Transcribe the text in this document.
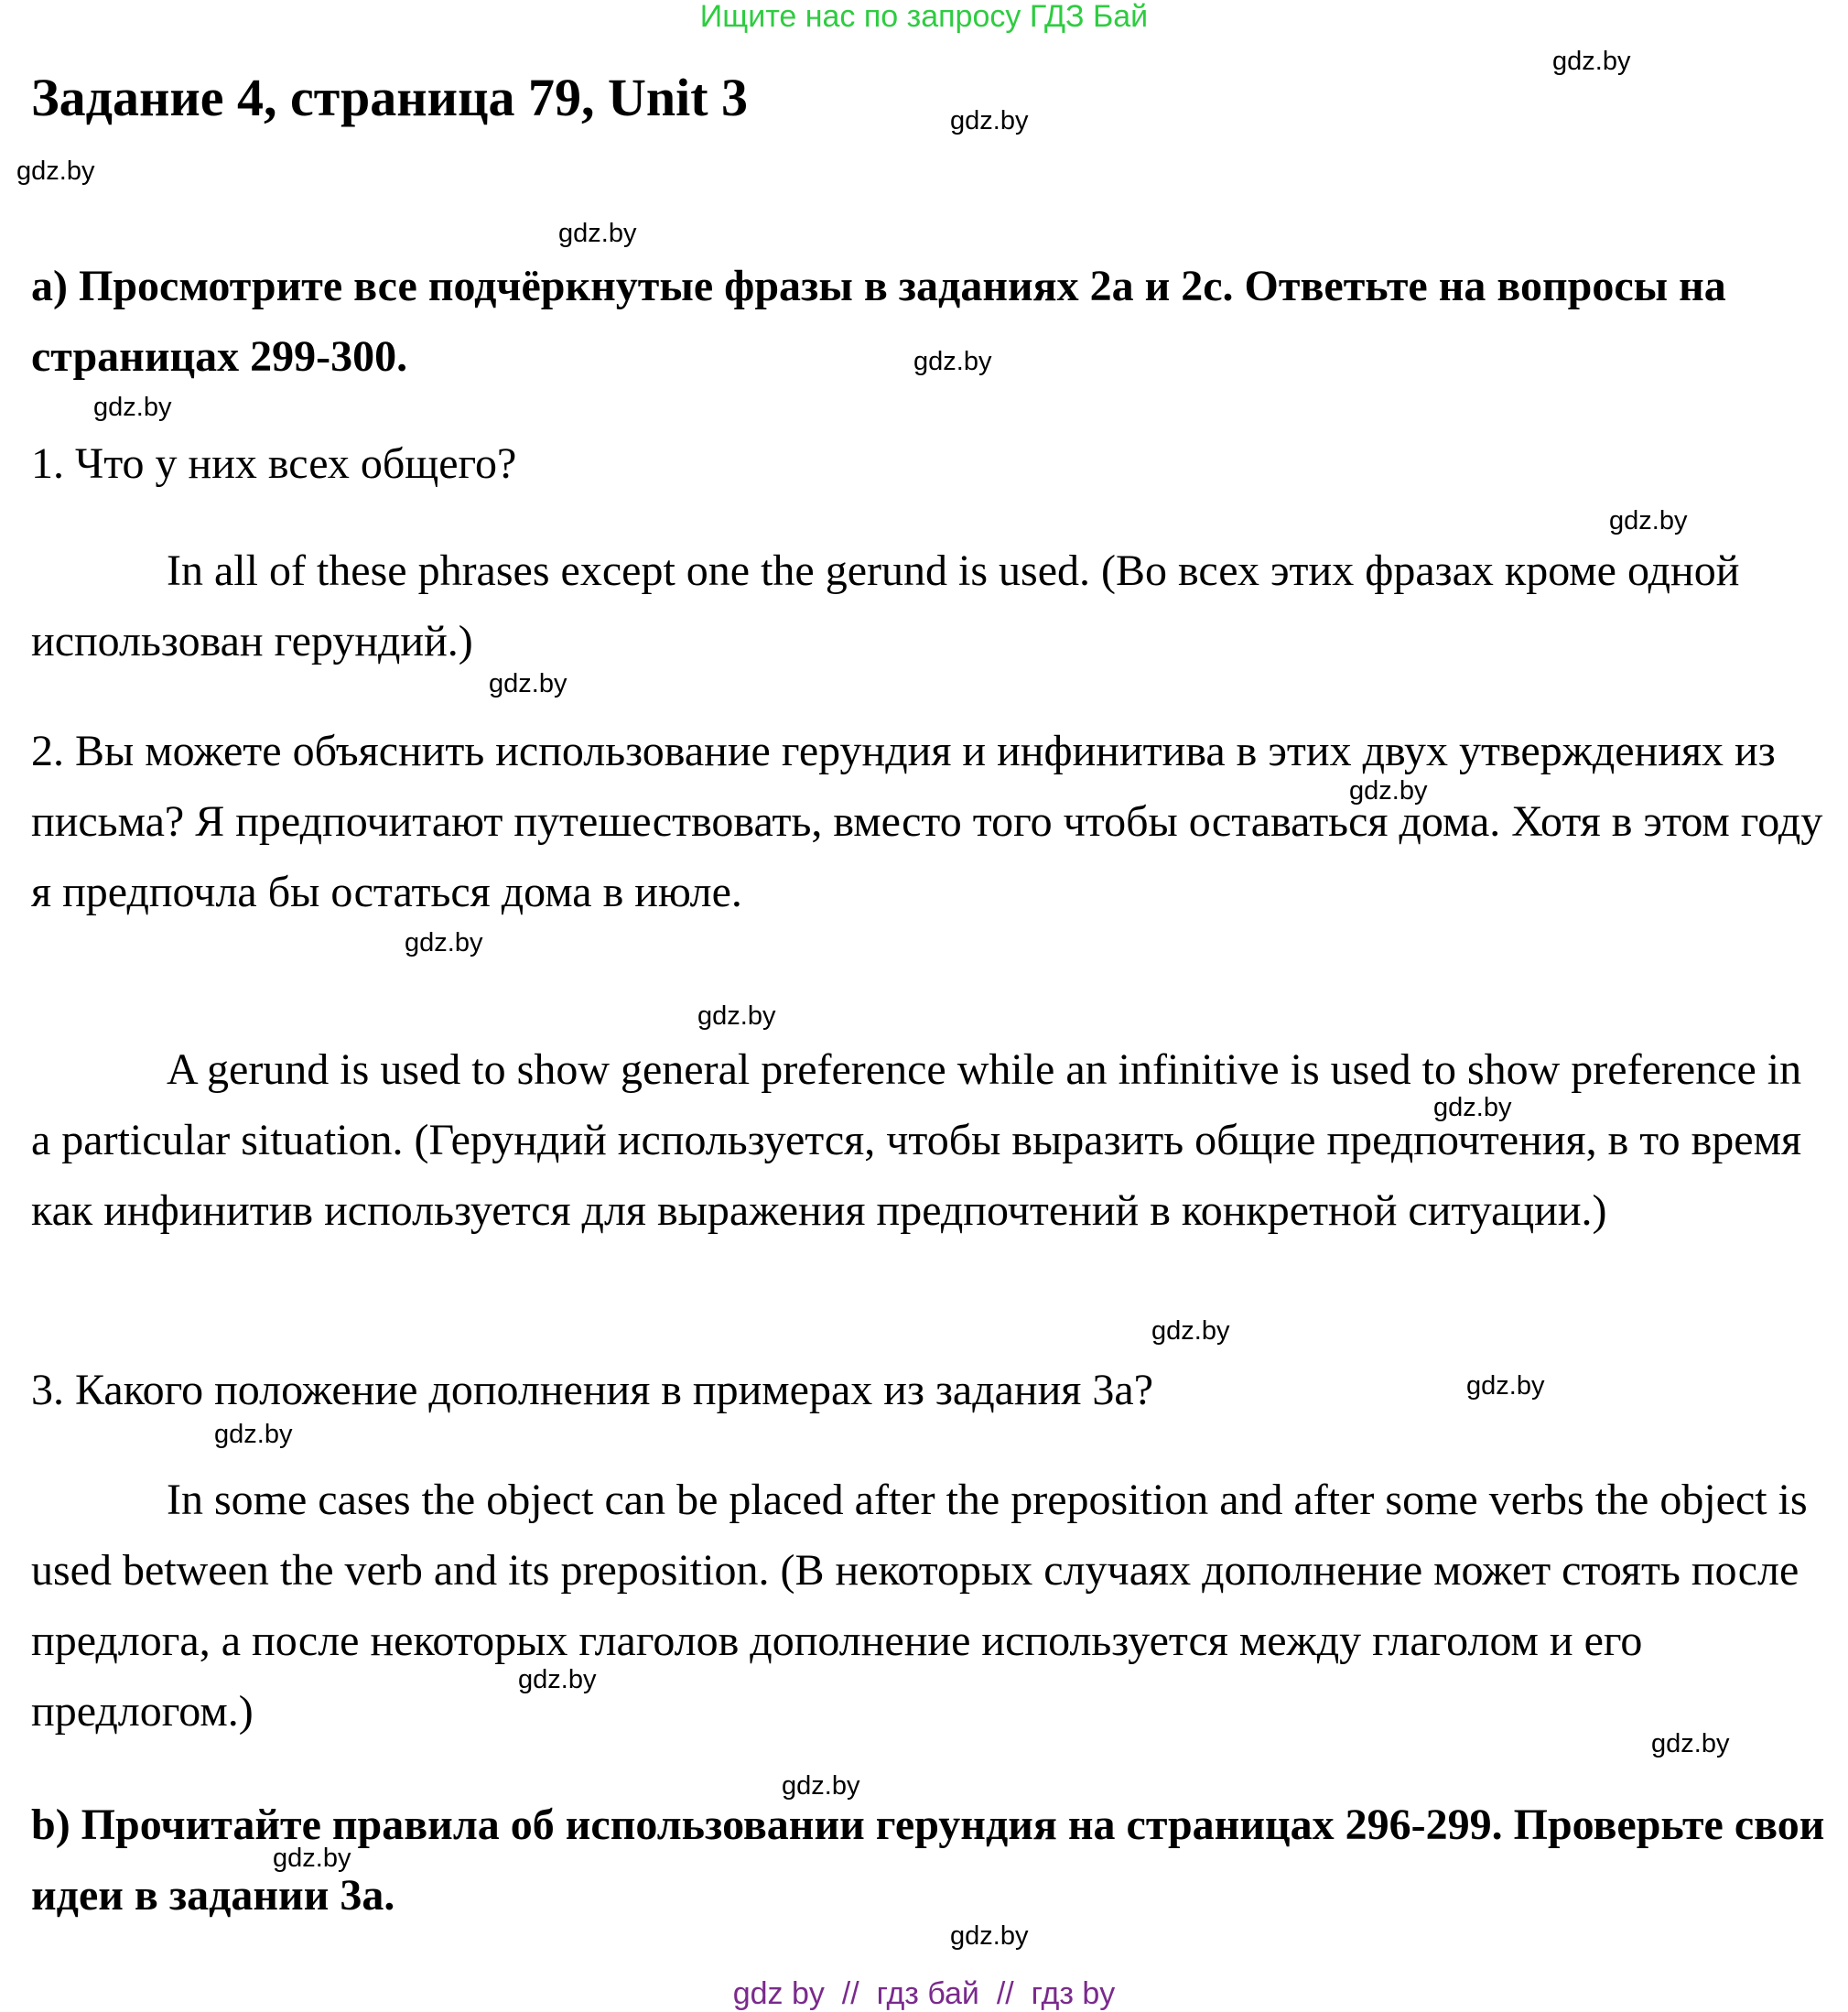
Ищите нас по запросу ГДЗ Бай
Задание 4, страница 79, Unit 3
a) Просмотрите все подчёркнутые фразы в заданиях 2a и 2c. Ответьте на вопросы на страницах 299-300.
1. Что у них всех общего?
In all of these phrases except one the gerund is used. (Во всех этих фразах кроме одной использован герундий.)
2. Вы можете объяснить использование герундия и инфинитива в этих двух утверждениях из письма? Я предпочитают путешествовать, вместо того чтобы оставаться дома. Хотя в этом году я предпочла бы остаться дома в июле.
A gerund is used to show general preference while an infinitive is used to show preference in a particular situation. (Герундий используется, чтобы выразить общие предпочтения, в то время как инфинитив используется для выражения предпочтений в конкретной ситуации.)
3. Какого положение дополнения в примерах из задания 3a?
In some cases the object can be placed after the preposition and after some verbs the object is used between the verb and its preposition. (В некоторых случаях дополнение может стоять после предлога, а после некоторых глаголов дополнение используется между глаголом и его предлогом.)
b) Прочитайте правила об использовании герундия на страницах 296-299. Проверьте свои идеи в задании 3a.
gdz.by
gdz.by
gdz.by
gdz.by
gdz.by
gdz.by
gdz.by
gdz.by
gdz.by
gdz.by
gdz.by
gdz.by
gdz.by
gdz.by
gdz.by
gdz.by
gdz.by
gdz.by
gdz.by
gdz.by
gdz by  //  гдз бай  //  гдз by
